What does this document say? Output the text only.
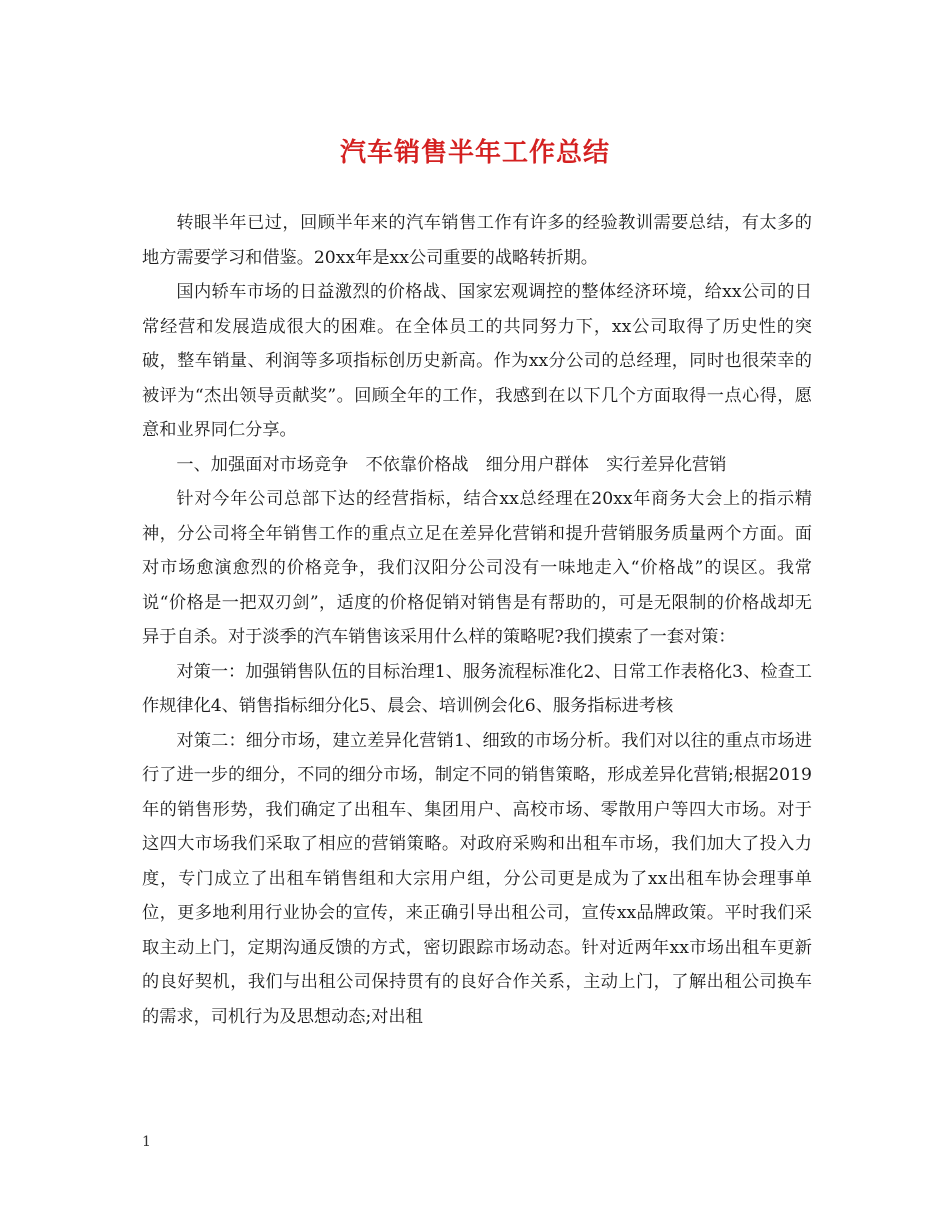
汽车销售半年工作总结

转眼半年已过，回顾半年来的汽车销售工作有许多的经验教训需要总结，有太多的地方需要学习和借鉴。20xx年是xx公司重要的战略转折期。

国内轿车市场的日益激烈的价格战、国家宏观调控的整体经济环境，给xx公司的日常经营和发展造成很大的困难。在全体员工的共同努力下，xx公司取得了历史性的突破，整车销量、利润等多项指标创历史新高。作为xx分公司的总经理，同时也很荣幸的被评为“杰出领导贡献奖”。回顾全年的工作，我感到在以下几个方面取得一点心得，愿意和业界同仁分享。

一、加强面对市场竞争　不依靠价格战　细分用户群体　实行差异化营销

针对今年公司总部下达的经营指标，结合xx总经理在20xx年商务大会上的指示精神，分公司将全年销售工作的重点立足在差异化营销和提升营销服务质量两个方面。面对市场愈演愈烈的价格竞争，我们汉阳分公司没有一味地走入“价格战”的误区。我常说“价格是一把双刃剑”，适度的价格促销对销售是有帮助的，可是无限制的价格战却无异于自杀。对于淡季的汽车销售该采用什么样的策略呢?我们摸索了一套对策：

对策一：加强销售队伍的目标治理1、服务流程标准化2、日常工作表格化3、检查工作规律化4、销售指标细分化5、晨会、培训例会化6、服务指标进考核

对策二：细分市场，建立差异化营销1、细致的市场分析。我们对以往的重点市场进行了进一步的细分，不同的细分市场，制定不同的销售策略，形成差异化营销;根据2019年的销售形势，我们确定了出租车、集团用户、高校市场、零散用户等四大市场。对于这四大市场我们采取了相应的营销策略。对政府采购和出租车市场，我们加大了投入力度，专门成立了出租车销售组和大宗用户组，分公司更是成为了xx出租车协会理事单位，更多地利用行业协会的宣传，来正确引导出租公司，宣传xx品牌政策。平时我们采取主动上门，定期沟通反馈的方式，密切跟踪市场动态。针对近两年xx市场出租车更新的良好契机，我们与出租公司保持贯有的良好合作关系，主动上门，了解出租公司换车的需求，司机行为及思想动态;对出租

1
